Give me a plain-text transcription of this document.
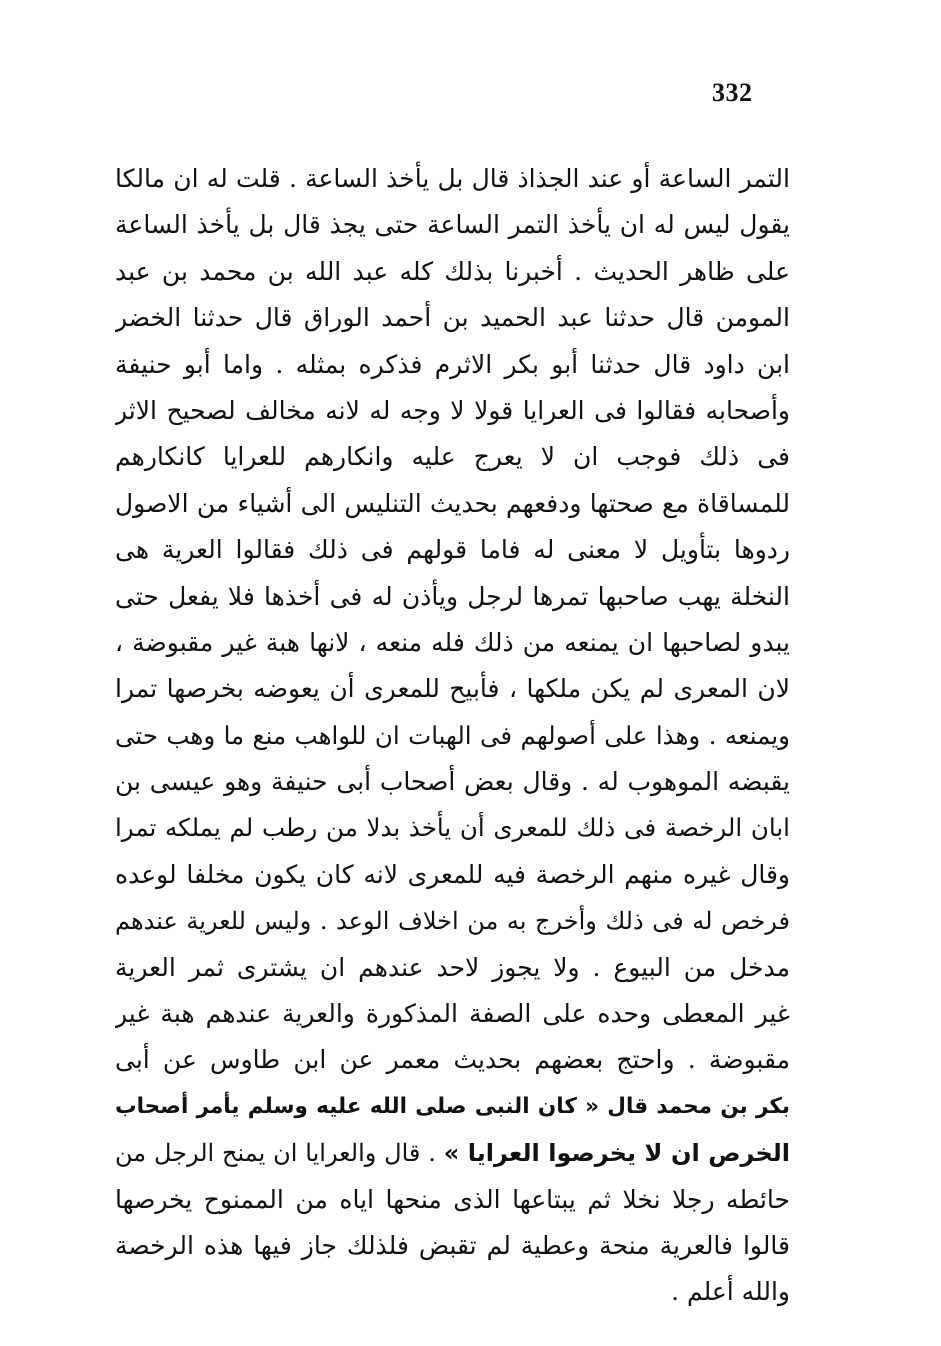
332
التمر الساعة أو عند الجذاذ قال بل يأخذ الساعة . قلت له ان مالكا
يقول ليس له ان يأخذ التمر الساعة حتى يجذ قال بل يأخذ الساعة
على ظاهر الحديث . أخبرنا بذلك كله عبد الله بن محمد بن عبد
المومن قال حدثنا عبد الحميد بن أحمد الوراق قال حدثنا الخضر
ابن داود قال حدثنا أبو بكر الاثرم فذكره بمثله . واما أبو حنيفة
وأصحابه فقالوا فى العرايا قولا لا وجه له لانه مخالف لصحيح الاثر
فى ذلك فوجب ان لا يعرج عليه وانكارهم للعرايا كانكارهم
للمساقاة مع صحتها ودفعهم بحديث التنليس الى أشياء من الاصول
ردوها بتأويل لا معنى له فاما قولهم فى ذلك فقالوا العرية هى
النخلة يهب صاحبها تمرها لرجل ويأذن له فى أخذها فلا يفعل حتى
يبدو لصاحبها ان يمنعه من ذلك فله منعه ، لانها هبة غير مقبوضة ،
لان المعرى لم يكن ملكها ، فأبيح للمعرى أن يعوضه بخرصها تمرا
ويمنعه . وهذا على أصولهم فى الهبات ان للواهب منع ما وهب حتى
يقبضه الموهوب له . وقال بعض أصحاب أبى حنيفة وهو عيسى بن
ابان الرخصة فى ذلك للمعرى أن يأخذ بدلا من رطب لم يملكه تمرا
وقال غيره منهم الرخصة فيه للمعرى لانه كان يكون مخلفا لوعده
فرخص له فى ذلك وأخرج به من اخلاف الوعد . وليس للعرية عندهم
مدخل من البيوع . ولا يجوز لاحد عندهم ان يشترى ثمر العرية
غير المعطى وحده على الصفة المذكورة والعرية عندهم هبة غير
مقبوضة . واحتج بعضهم بحديث معمر عن ابن طاوس عن أبى
بكر بن محمد قال « كان النبى صلى الله عليه وسلم يأمر أصحاب
الخرص ان لا يخرصوا العرايا » . قال والعرايا ان يمنح الرجل من
حائطه رجلا نخلا ثم يبتاعها الذى منحها اياه من الممنوح يخرصها
قالوا فالعرية منحة وعطية لم تقبض فلذلك جاز فيها هذه الرخصة
والله أعلم .
